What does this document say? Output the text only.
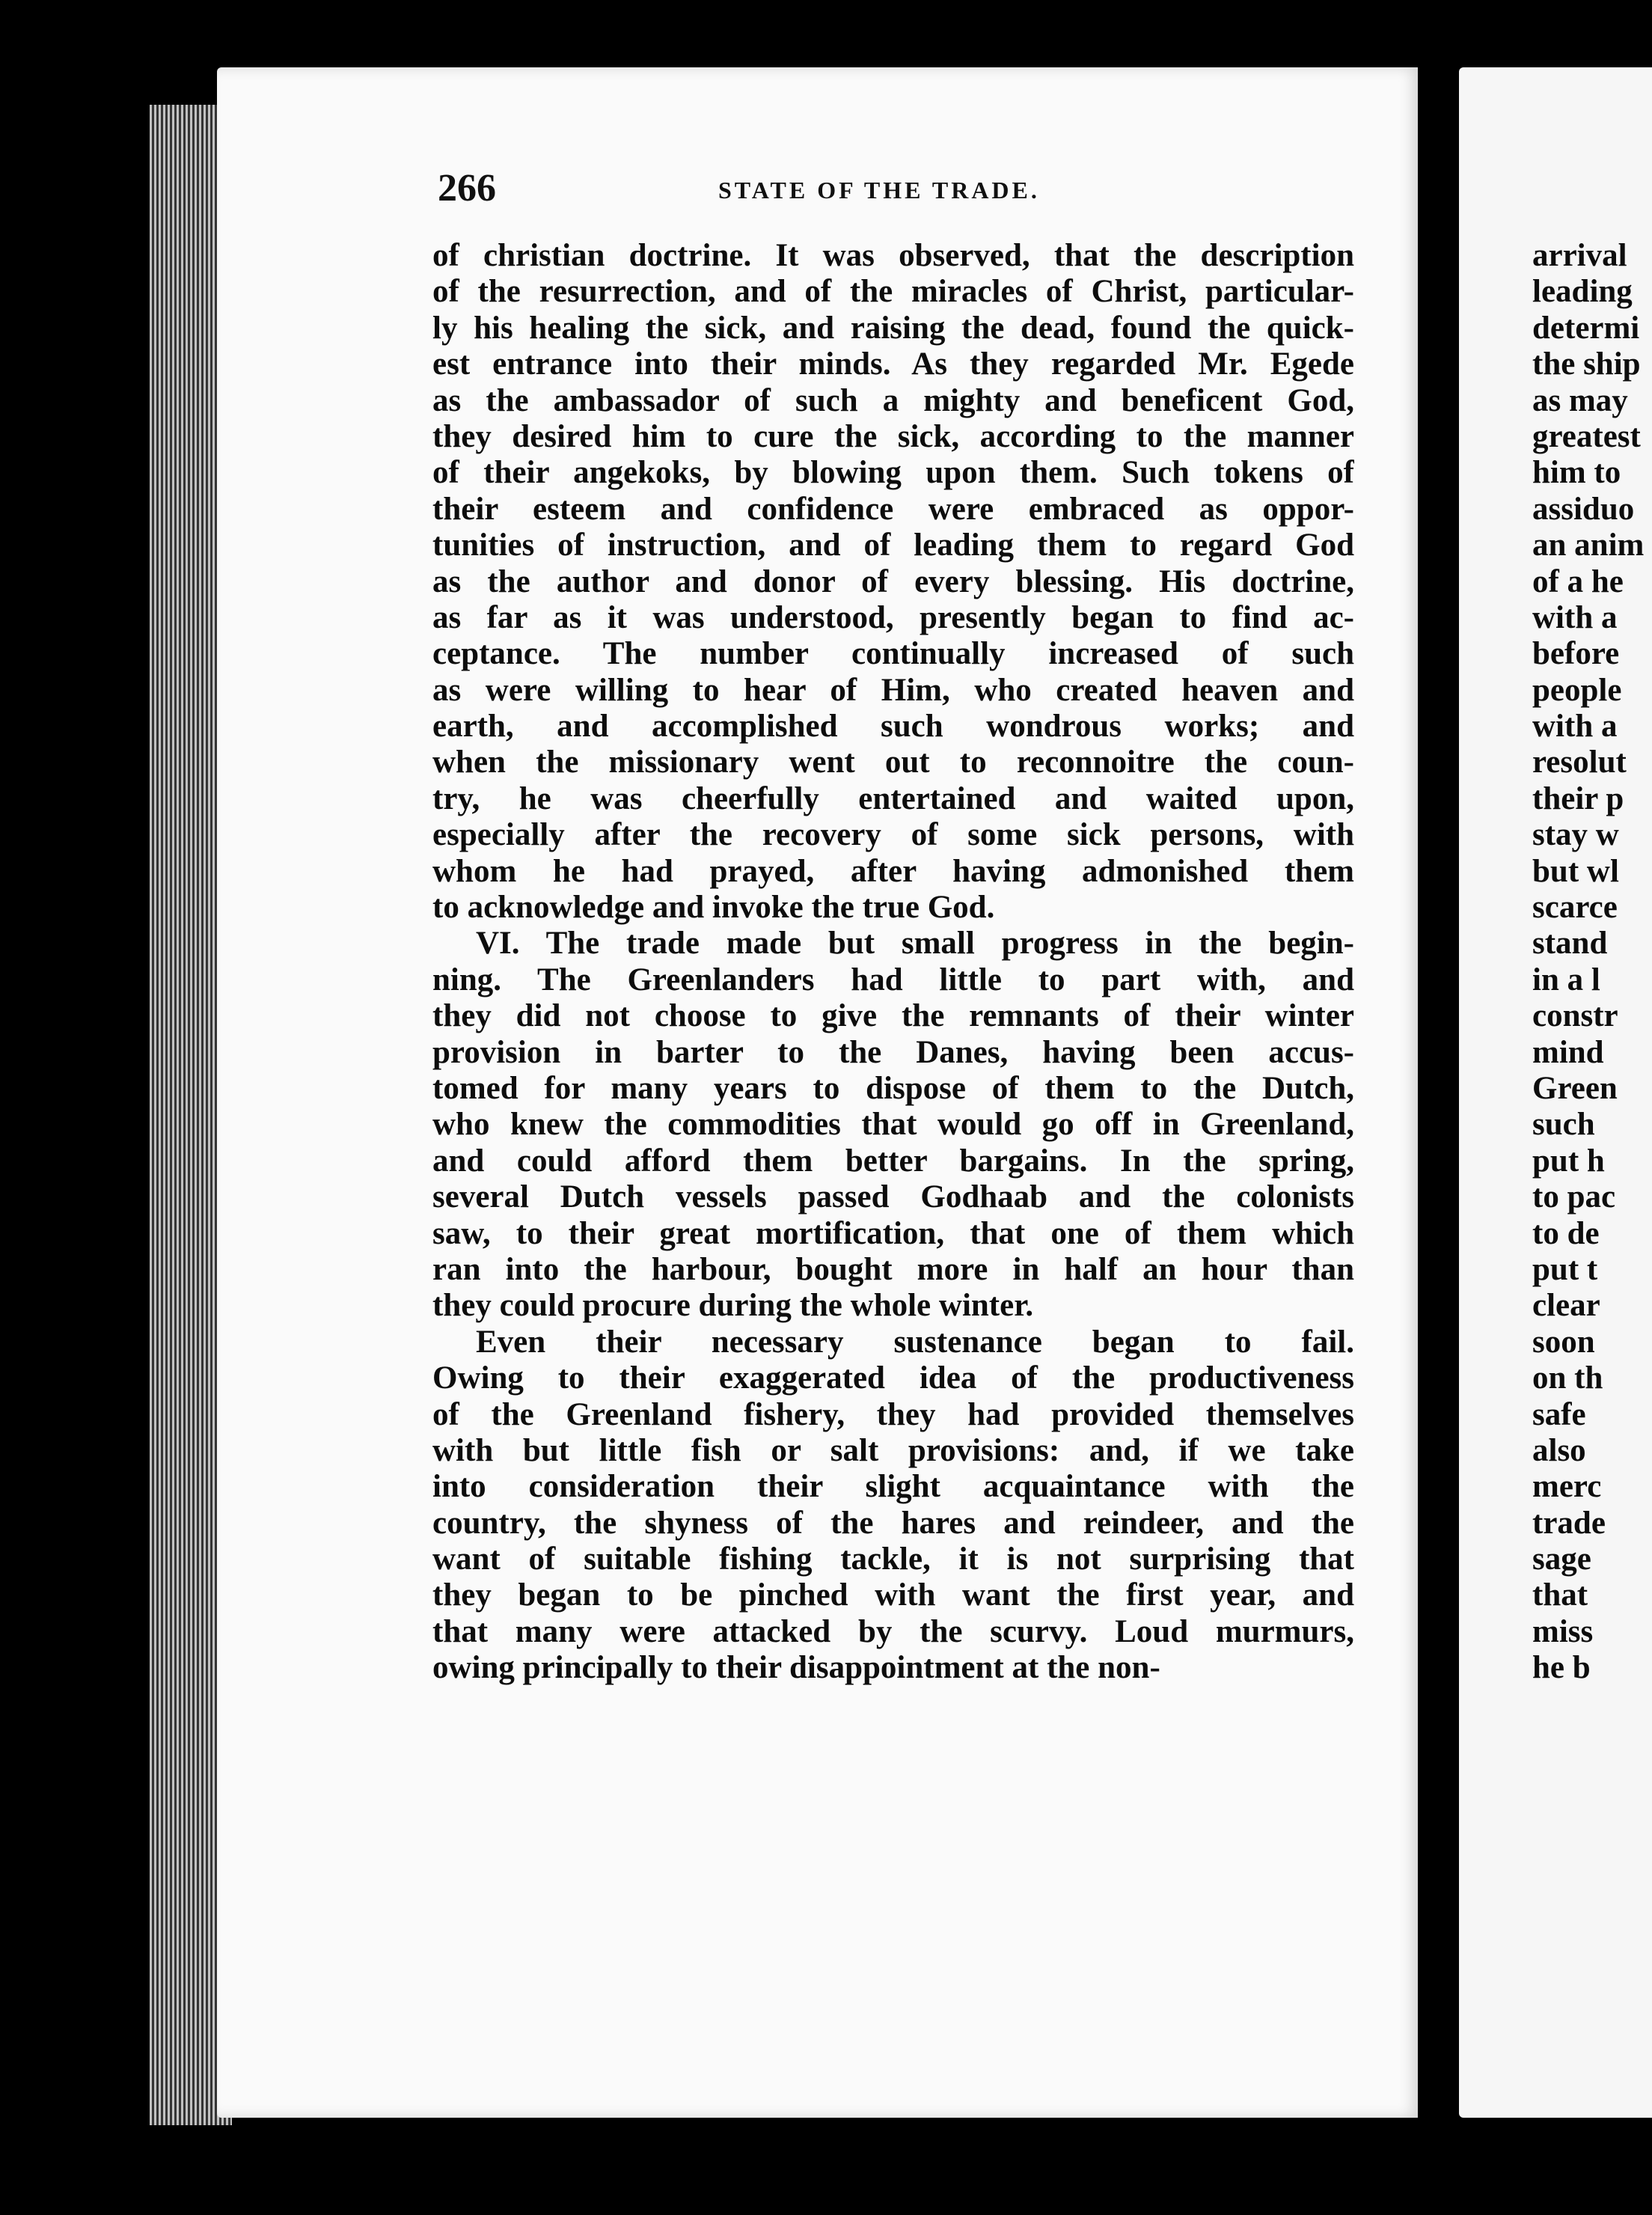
266	STATE OF THE TRADE.
of christian doctrine. It was observed, that the description
of the resurrection, and of the miracles of Christ, particular-
ly his healing the sick, and raising the dead, found the quick-
est entrance into their minds. As they regarded Mr. Egede
as the ambassador of such a mighty and beneficent God,
they desired him to cure the sick, according to the manner
of their angekoks, by blowing upon them. Such tokens of
their esteem and confidence were embraced as oppor-
tunities of instruction, and of leading them to regard God
as the author and donor of every blessing. His doctrine,
as far as it was understood, presently began to find ac-
ceptance. The number continually increased of such
as were willing to hear of Him, who created heaven and
earth, and accomplished such wondrous works; and
when the missionary went out to reconnoitre the coun-
try, he was cheerfully entertained and waited upon,
especially after the recovery of some sick persons, with
whom he had prayed, after having admonished them
to acknowledge and invoke the true God.
VI. The trade made but small progress in the begin-
ning. The Greenlanders had little to part with, and
they did not choose to give the remnants of their winter
provision in barter to the Danes, having been accus-
tomed for many years to dispose of them to the Dutch,
who knew the commodities that would go off in Greenland,
and could afford them better bargains. In the spring,
several Dutch vessels passed Godhaab and the colonists
saw, to their great mortification, that one of them which
ran into the harbour, bought more in half an hour than
they could procure during the whole winter.
Even their necessary sustenance began to fail.
Owing to their exaggerated idea of the productiveness
of the Greenland fishery, they had provided themselves
with but little fish or salt provisions: and, if we take
into consideration their slight acquaintance with the
country, the shyness of the hares and reindeer, and the
want of suitable fishing tackle, it is not surprising that
they began to be pinched with want the first year, and
that many were attacked by the scurvy. Loud murmurs,
owing principally to their disappointment at the non-
arrival
leading
determi
the ship
as may
greatest
him to
assiduo
an anim
of a he
with a
before
people
with a
resolut
their p
stay w
but wl
scarce
stand
in a l
constr
mind
Green
such
put h
to pac
to de
put t
clear
soon
on th
safe
also
merc
trade
sage
that
miss
he b
